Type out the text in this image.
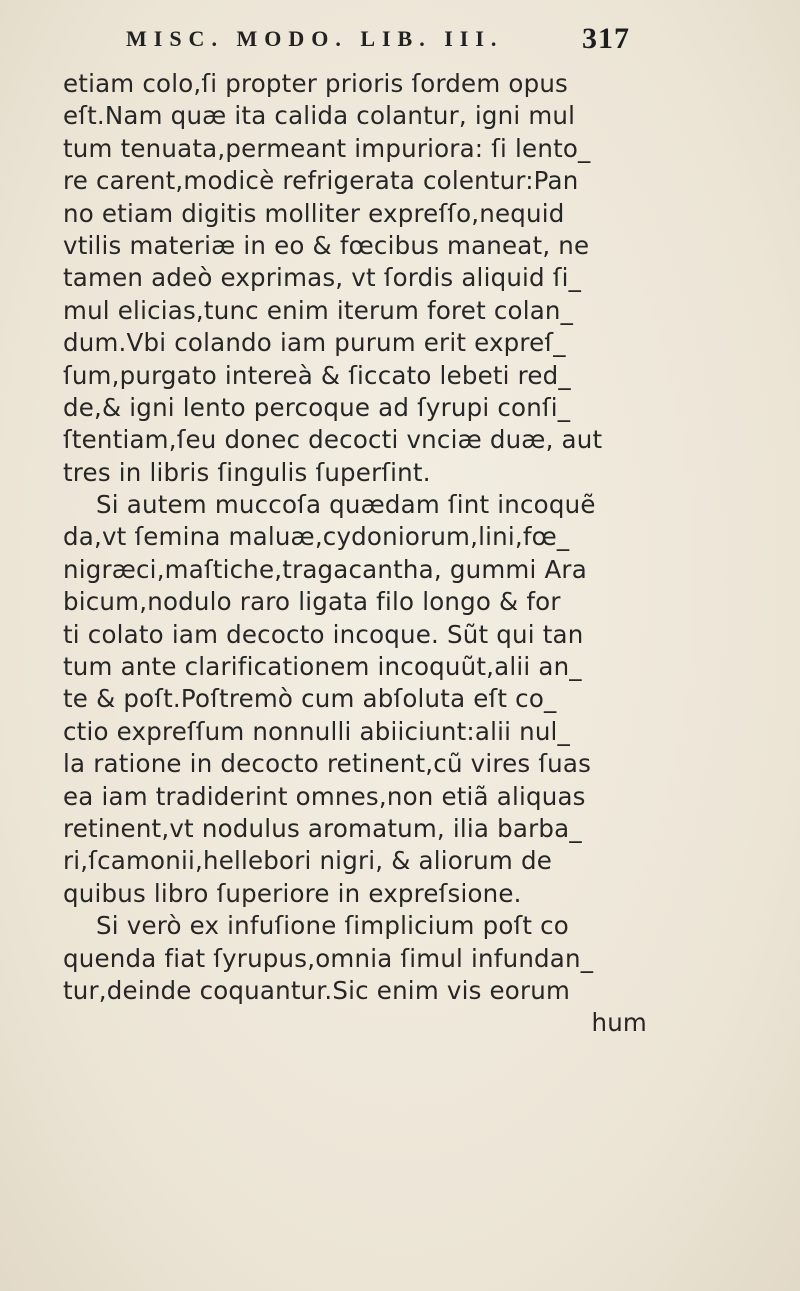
MISC. MODO. LIB. III.	317
etiam colo,ſi propter prioris ſordem opus
eſt.Nam quæ ita calida colantur, igni mul
tum tenuata,permeant impuriora: ſi lento_
re carent,modicè refrigerata colentur:Pan
no etiam digitis molliter expreſſo,nequid
vtilis materiæ in eo & fœcibus maneat, ne
tamen adeò exprimas, vt ſordis aliquid ſi_
mul elicias,tunc enim iterum foret colan_
dum.Vbi colando iam purum erit expreſ_
ſum,purgato intereà & ſiccato lebeti red_
de,& igni lento percoque ad ſyrupi conſi_
ſtentiam,ſeu donec decocti vnciæ duæ, aut
tres in libris ſingulis ſuperſint.
Si autem muccoſa quædam ſint incoquẽ
da,vt ſemina maluæ,cydoniorum,lini,fœ_
nigræci,maſtiche,tragacantha, gummi Ara
bicum,nodulo raro ligata filo longo & for
ti colato iam decocto incoque. Sũt qui tan
tum ante clarificationem incoquũt,alii an_
te & poſt.Poſtremò cum abſoluta eſt co_
ctio expreſſum nonnulli abiiciunt:alii nul_
la ratione in decocto retinent,cũ vires ſuas
ea iam tradiderint omnes,non etiã aliquas
retinent,vt nodulus aromatum, ilia barba_
ri,ſcamonii,hellebori nigri, & aliorum de
quibus libro ſuperiore in expreſsione.
Si verò ex infuſione ſimplicium poſt co
quenda fiat ſyrupus,omnia ſimul infundan_
tur,deinde coquantur.Sic enim vis eorum
hum
